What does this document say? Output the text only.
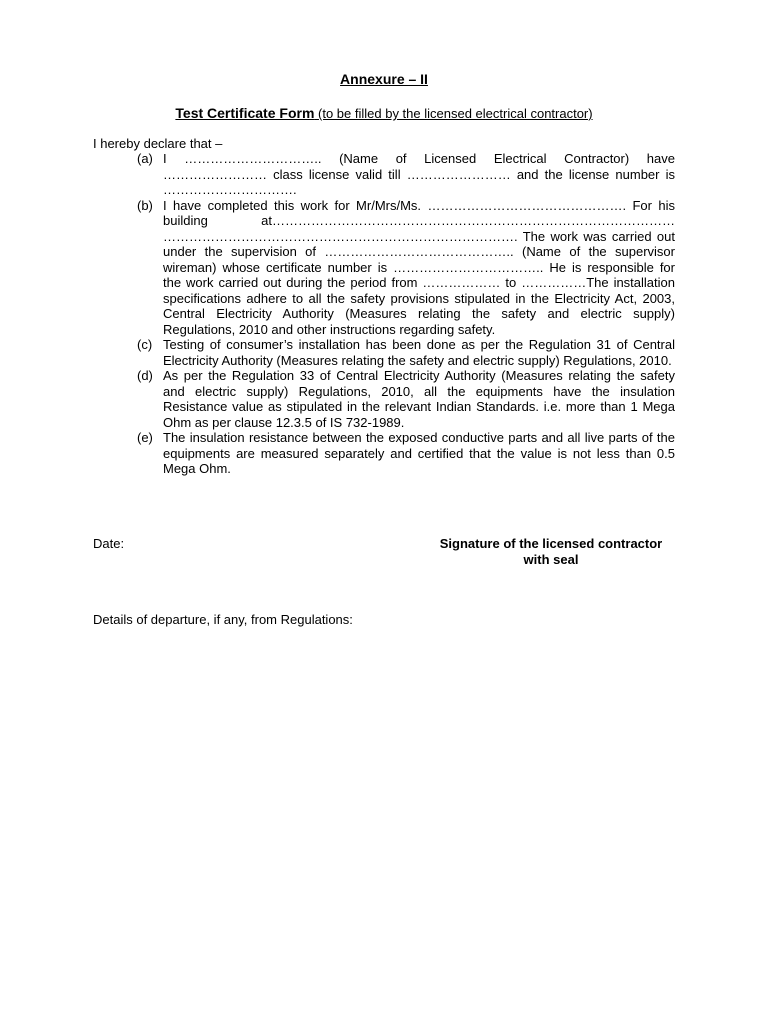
Annexure – II
Test Certificate Form (to be filled by the licensed electrical contractor)
I hereby declare that –
(a) I ………………………….. (Name of Licensed Electrical Contractor) have …………………… class license valid till …………………… and the license number is ………………………….
(b) I have completed this work for Mr/Mrs/Ms. ………………………………………. For his building at………………………………………………………………………………… ………………………………………………………………………. The work was carried out under the supervision of …………………………………….. (Name of the supervisor wireman) whose certificate number is …………………………….. He is responsible for the work carried out during the period from ……………… to ……………The installation specifications adhere to all the safety provisions stipulated in the Electricity Act, 2003, Central Electricity Authority (Measures relating the safety and electric supply) Regulations, 2010 and other instructions regarding safety.
(c) Testing of consumer’s installation has been done as per the Regulation 31 of Central Electricity Authority (Measures relating the safety and electric supply) Regulations, 2010.
(d) As per the Regulation 33 of Central Electricity Authority (Measures relating the safety and electric supply) Regulations, 2010, all the equipments have the insulation Resistance value as stipulated in the relevant Indian Standards. i.e. more than 1 Mega Ohm as per clause 12.3.5 of IS 732-1989.
(e) The insulation resistance between the exposed conductive parts and all live parts of the equipments are measured separately and certified that the value is not less than 0.5 Mega Ohm.
Date:	Signature of the licensed contractor
with seal
Details of departure, if any, from Regulations:
